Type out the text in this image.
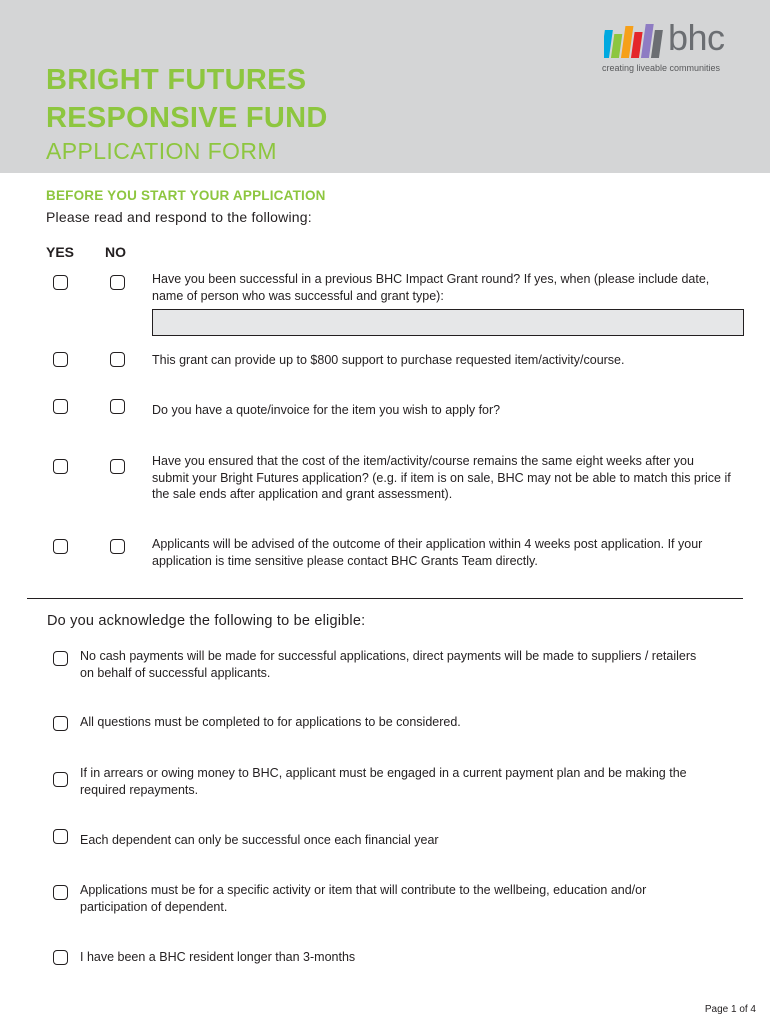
BRIGHT FUTURES
RESPONSIVE FUND
APPLICATION FORM
bhc
creating liveable communities
BEFORE YOU START YOUR APPLICATION
Please read and respond to the following:
YES NO
Have you been successful in a previous BHC Impact Grant round? If yes, when (please include date, name of person who was successful and grant type):
This grant can provide up to $800 support to purchase requested item/activity/course.
Do you have a quote/invoice for the item you wish to apply for?
Have you ensured that the cost of the item/activity/course remains the same eight weeks after you submit your Bright Futures application? (e.g. if item is on sale, BHC may not be able to match this price if the sale ends after application and grant assessment).
Applicants will be advised of the outcome of their application within 4 weeks post application. If your application is time sensitive please contact BHC Grants Team directly.
Do you acknowledge the following to be eligible:
No cash payments will be made for successful applications, direct payments will be made to suppliers / retailers on behalf of successful applicants.
All questions must be completed to for applications to be considered.
If in arrears or owing money to BHC, applicant must be engaged in a current payment plan and be making the required repayments.
Each dependent can only be successful once each financial year
Applications must be for a specific activity or item that will contribute to the wellbeing, education and/or participation of dependent.
I have been a BHC resident longer than 3-months
Page 1 of 4
